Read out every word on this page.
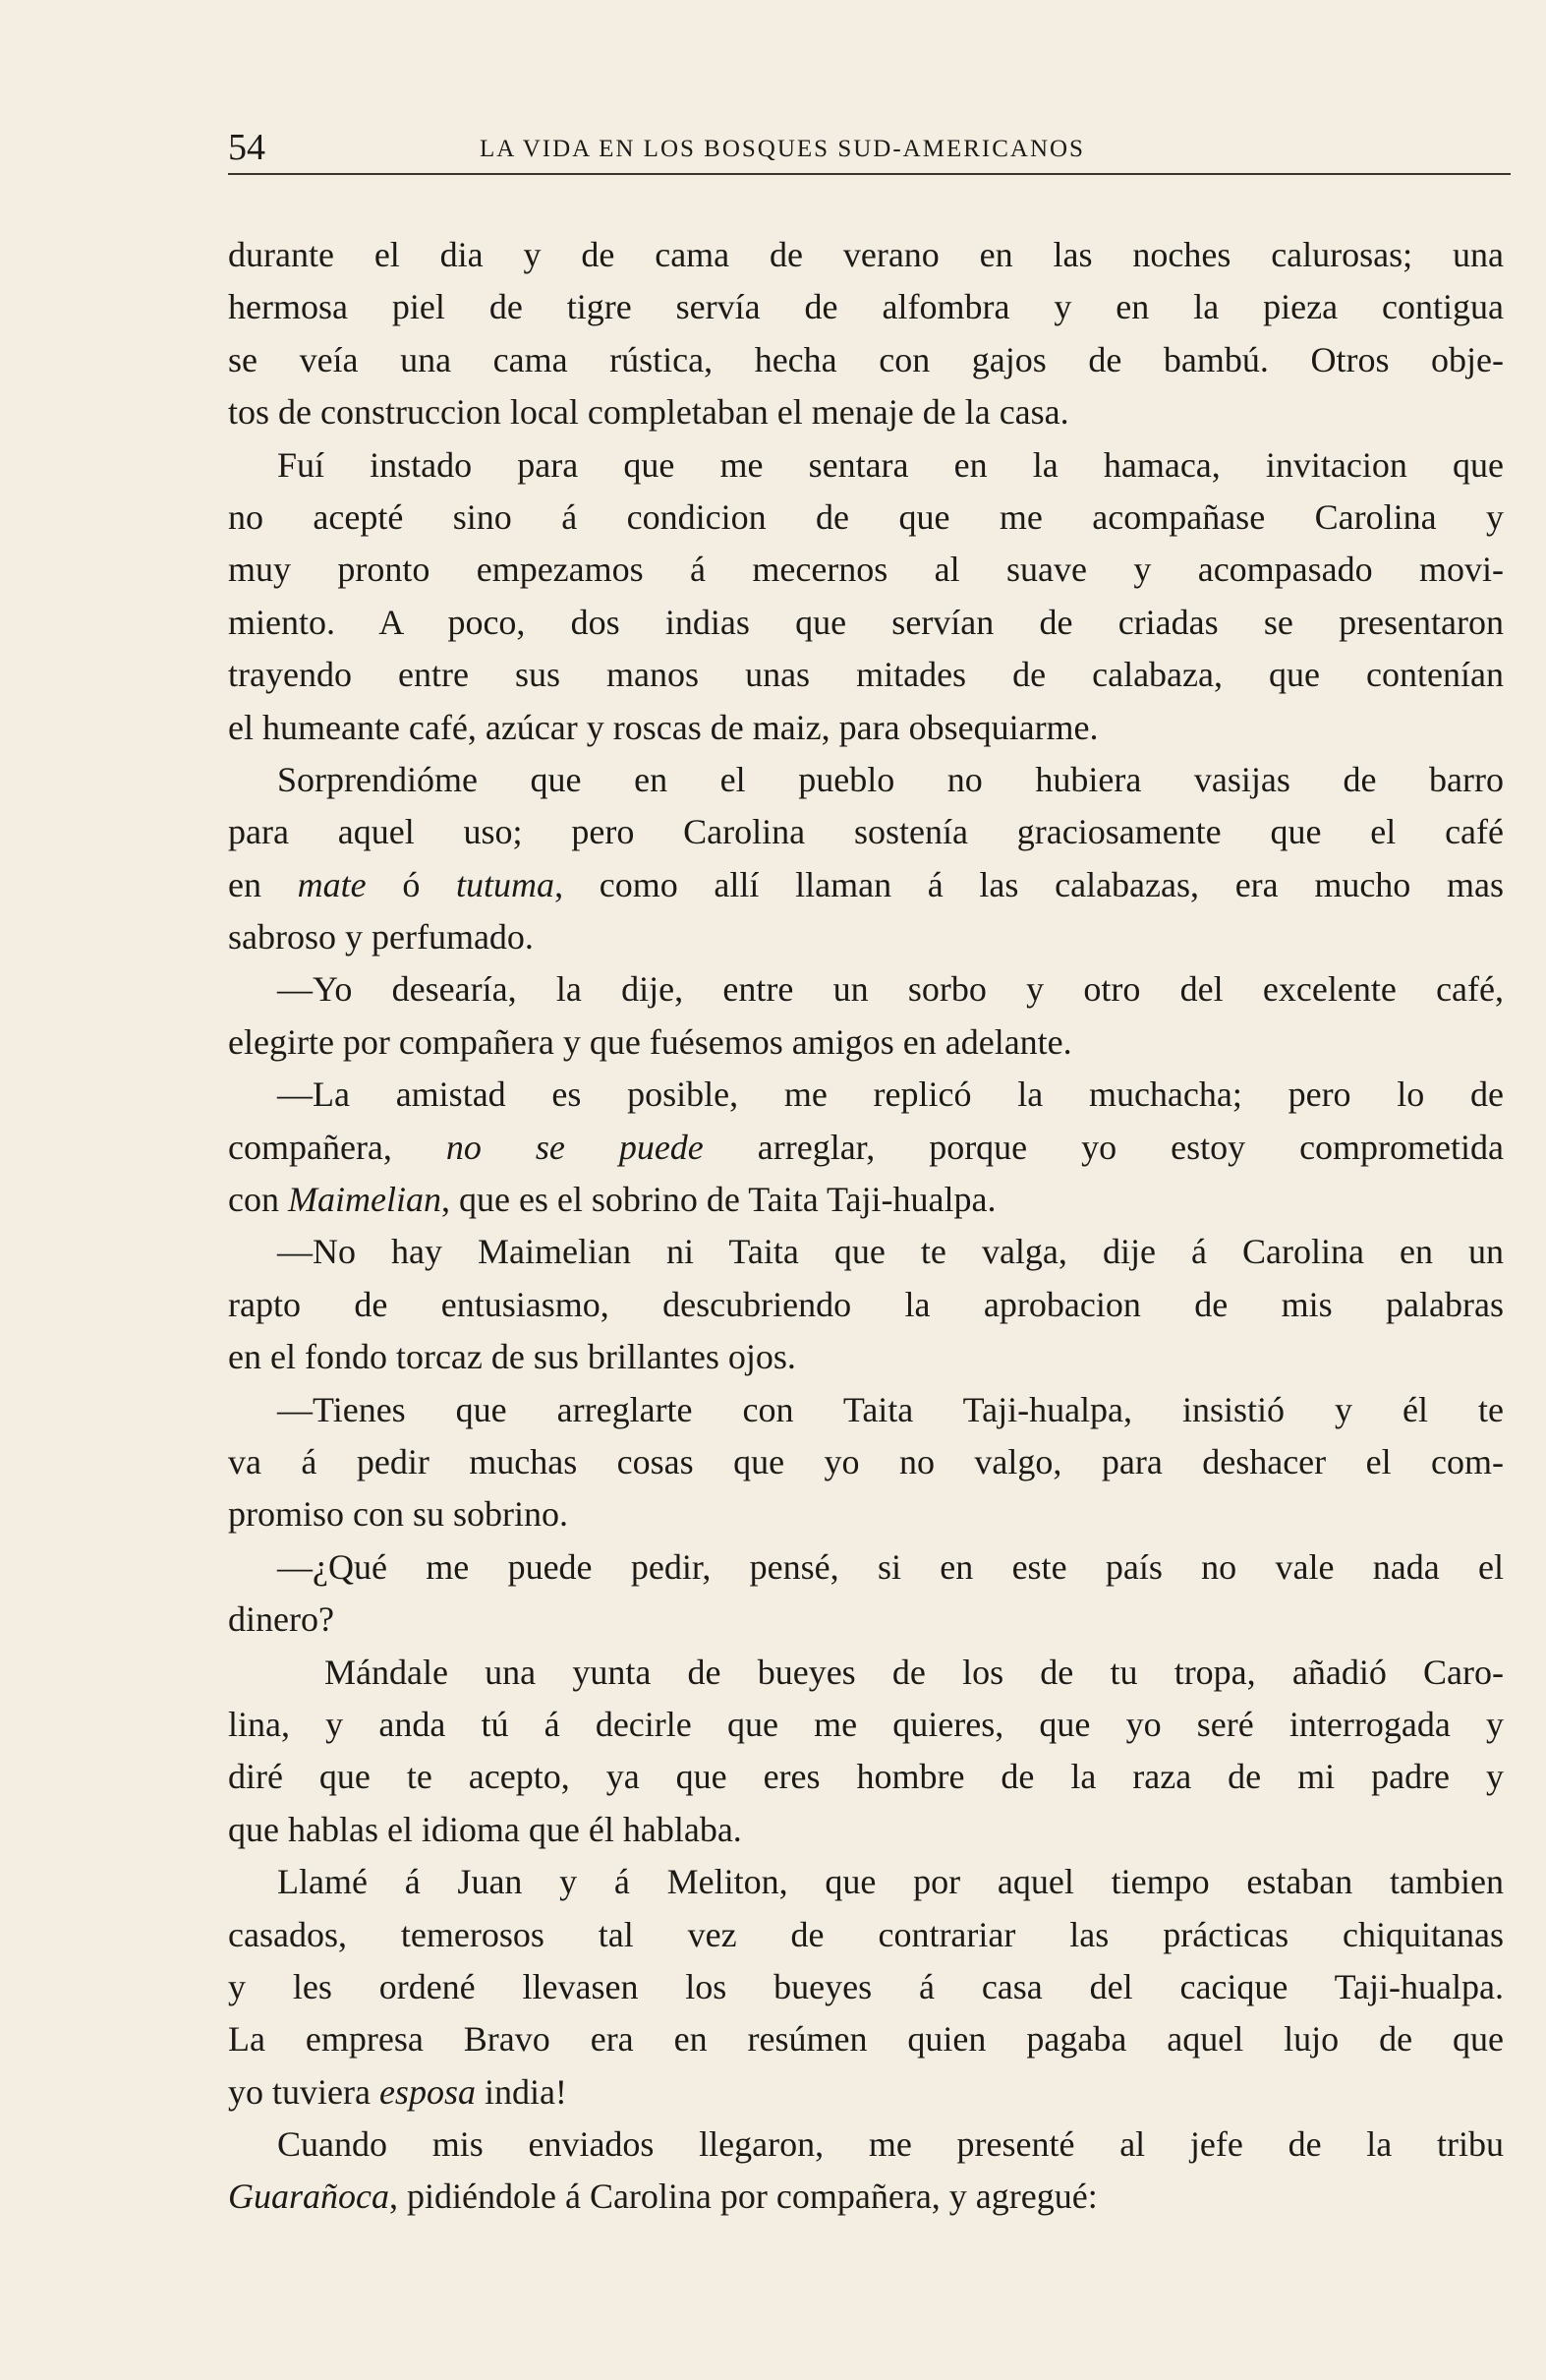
54	LA VIDA EN LOS BOSQUES SUD-AMERICANOS
durante el dia y de cama de verano en las noches calurosas; una
hermosa piel de tigre servía de alfombra y en la pieza contigua
se veía una cama rústica, hecha con gajos de bambú. Otros obje-
tos de construccion local completaban el menaje de la casa.
Fuí instado para que me sentara en la hamaca, invitacion que
no acepté sino á condicion de que me acompañase Carolina y
muy pronto empezamos á mecernos al suave y acompasado movi-
miento. A poco, dos indias que servían de criadas se presentaron
trayendo entre sus manos unas mitades de calabaza, que contenían
el humeante café, azúcar y roscas de maiz, para obsequiarme.
Sorprendióme que en el pueblo no hubiera vasijas de barro
para aquel uso; pero Carolina sostenía graciosamente que el café
en mate ó tutuma, como allí llaman á las calabazas, era mucho mas
sabroso y perfumado.
—Yo desearía, la dije, entre un sorbo y otro del excelente café,
elegirte por compañera y que fuésemos amigos en adelante.
—La amistad es posible, me replicó la muchacha; pero lo de
compañera, no se puede arreglar, porque yo estoy comprometida
con Maimelian, que es el sobrino de Taita Taji-hualpa.
—No hay Maimelian ni Taita que te valga, dije á Carolina en un
rapto de entusiasmo, descubriendo la aprobacion de mis palabras
en el fondo torcaz de sus brillantes ojos.
—Tienes que arreglarte con Taita Taji-hualpa, insistió y él te
va á pedir muchas cosas que yo no valgo, para deshacer el com-
promiso con su sobrino.
—¿Qué me puede pedir, pensé, si en este país no vale nada el
dinero?
Mándale una yunta de bueyes de los de tu tropa, añadió Caro-
lina, y anda tú á decirle que me quieres, que yo seré interrogada y
diré que te acepto, ya que eres hombre de la raza de mi padre y
que hablas el idioma que él hablaba.
Llamé á Juan y á Meliton, que por aquel tiempo estaban tambien
casados, temerosos tal vez de contrariar las prácticas chiquitanas
y les ordené llevasen los bueyes á casa del cacique Taji-hualpa.
La empresa Bravo era en resúmen quien pagaba aquel lujo de que
yo tuviera esposa india!
Cuando mis enviados llegaron, me presenté al jefe de la tribu
Guarañoca, pidiéndole á Carolina por compañera, y agregué:
